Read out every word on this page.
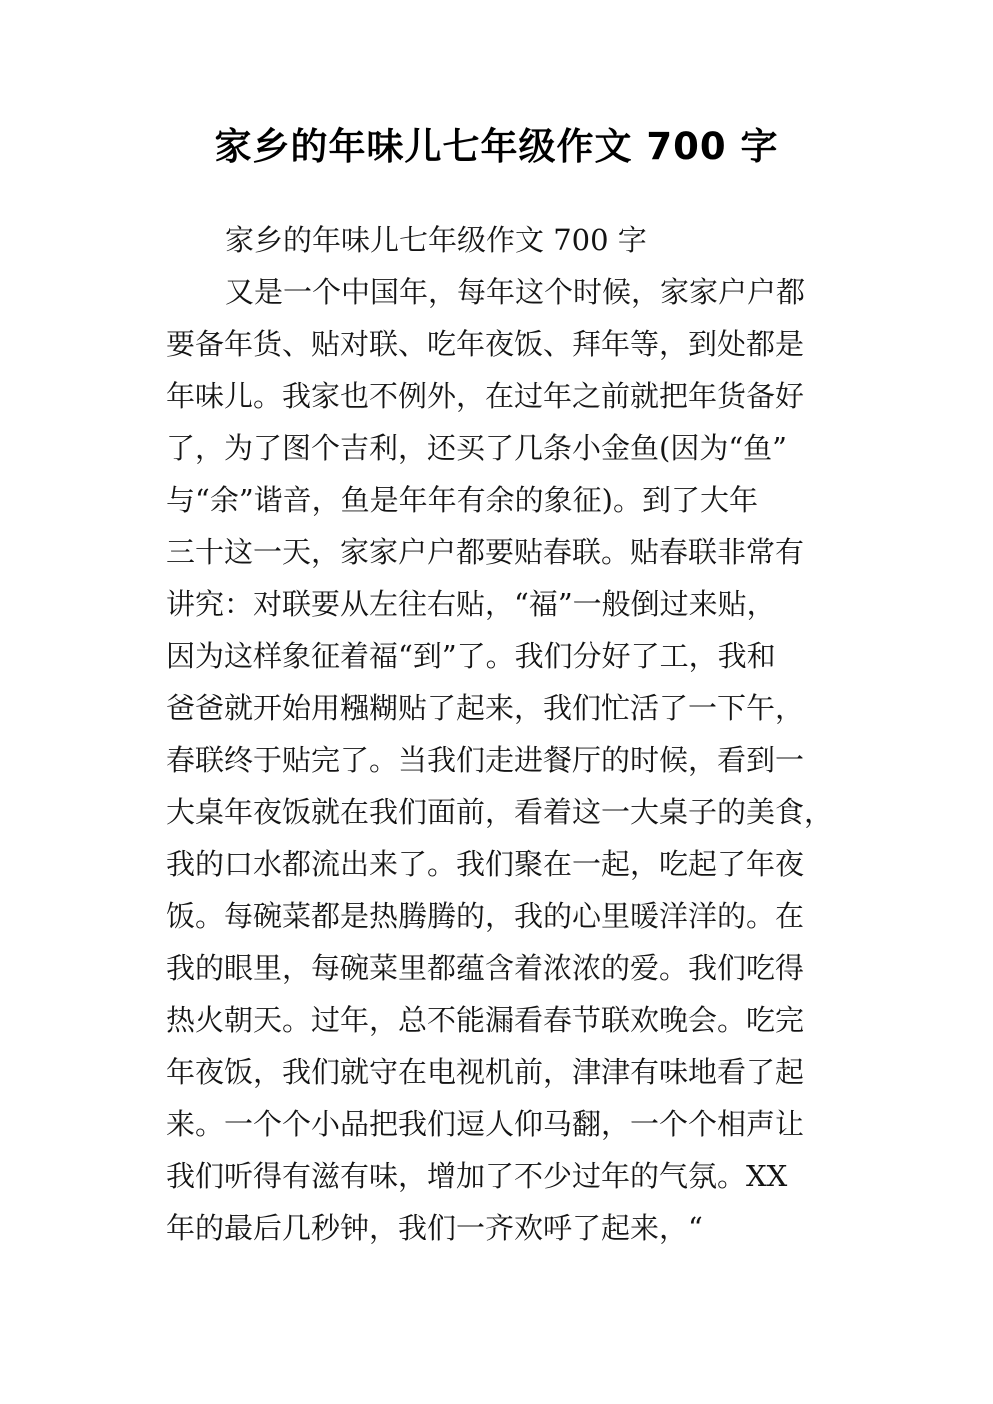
家乡的年味儿七年级作文 700 字
家乡的年味儿七年级作文 700 字
又是一个中国年，每年这个时候，家家户户都
要备年货、贴对联、吃年夜饭、拜年等，到处都是
年味儿。我家也不例外，在过年之前就把年货备好
了，为了图个吉利，还买了几条小金鱼(因为“鱼”
与“余”谐音，鱼是年年有余的象征)。到了大年
三十这一天，家家户户都要贴春联。贴春联非常有
讲究：对联要从左往右贴，“福”一般倒过来贴，
因为这样象征着福“到”了。我们分好了工，我和
爸爸就开始用糨糊贴了起来，我们忙活了一下午，
春联终于贴完了。当我们走进餐厅的时候，看到一
大桌年夜饭就在我们面前，看着这一大桌子的美食，
我的口水都流出来了。我们聚在一起，吃起了年夜
饭。每碗菜都是热腾腾的，我的心里暖洋洋的。在
我的眼里，每碗菜里都蕴含着浓浓的爱。我们吃得
热火朝天。过年，总不能漏看春节联欢晚会。吃完
年夜饭，我们就守在电视机前，津津有味地看了起
来。一个个小品把我们逗人仰马翻，一个个相声让
我们听得有滋有味，增加了不少过年的气氛。XX
年的最后几秒钟，我们一齐欢呼了起来，“
